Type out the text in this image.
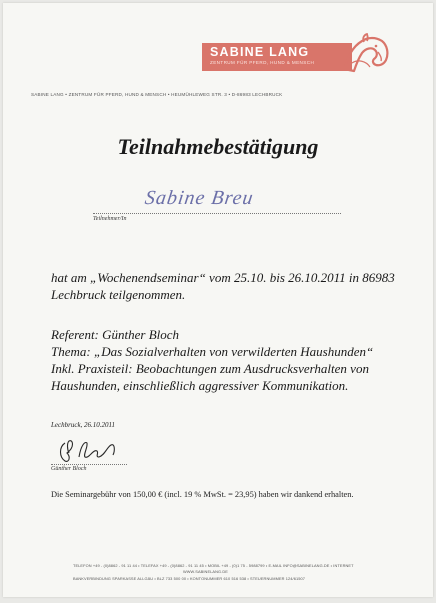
SABINE LANG
ZENTRUM FÜR PFERD, HUND & MENSCH
SABINE LANG • ZENTRUM FÜR PFERD, HUND & MENSCH • HEUMÜHLEWEG STR. 3 • D-86983 LECHBRUCK
Teilnahmebestätigung
Sabine Breu
Teilnehmer/In
hat am „Wochenendseminar“ vom 25.10. bis 26.10.2011 in 86983
Lechbruck teilgenommen.
Referent: Günther Bloch
Thema: „Das Sozialverhalten von verwilderten Haushunden“
Inkl. Praxisteil: Beobachtungen zum Ausdrucksverhalten von
Haushunden, einschließlich aggressiver Kommunikation.
Lechbruck, 26.10.2011
Günther Bloch
Die Seminargebühr von 150,00 € (incl. 19 % MwSt. = 23,95) haben wir dankend erhalten.
TELEFON +49 - (0)8862 - 91 11 44 • TELEFAX +49 - (0)8862 - 91 11 45 • MOBIL +49 - (0)1 75 - 5988799 • E-MAIL INFO@SABINELANG.DE • INTERNET
WWW.SABINELANG.DE
BANKVERBINDUNG SPARKASSE ALLGÄU • BLZ 733 500 00 • KONTONUMMER 610 516 538 • STEUERNUMMER 124/61507
